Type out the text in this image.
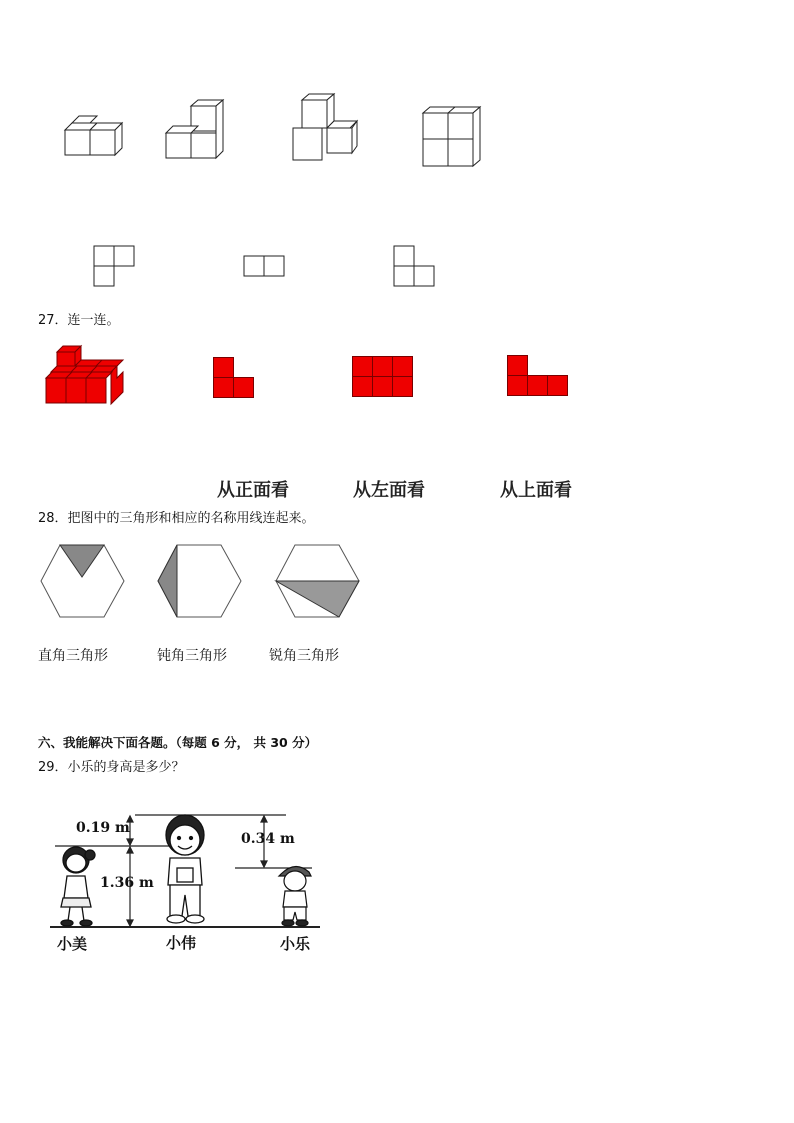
27．连一连。
从正面看	从左面看	从上面看
28．把图中的三角形和相应的名称用线连起来。
直角三角形	钝角三角形	锐角三角形
六、我能解决下面各题。（每题 6 分， 共 30 分）
29．小乐的身高是多少？
0.19 m
1.36 m
0.34 m
小美	小伟	小乐
